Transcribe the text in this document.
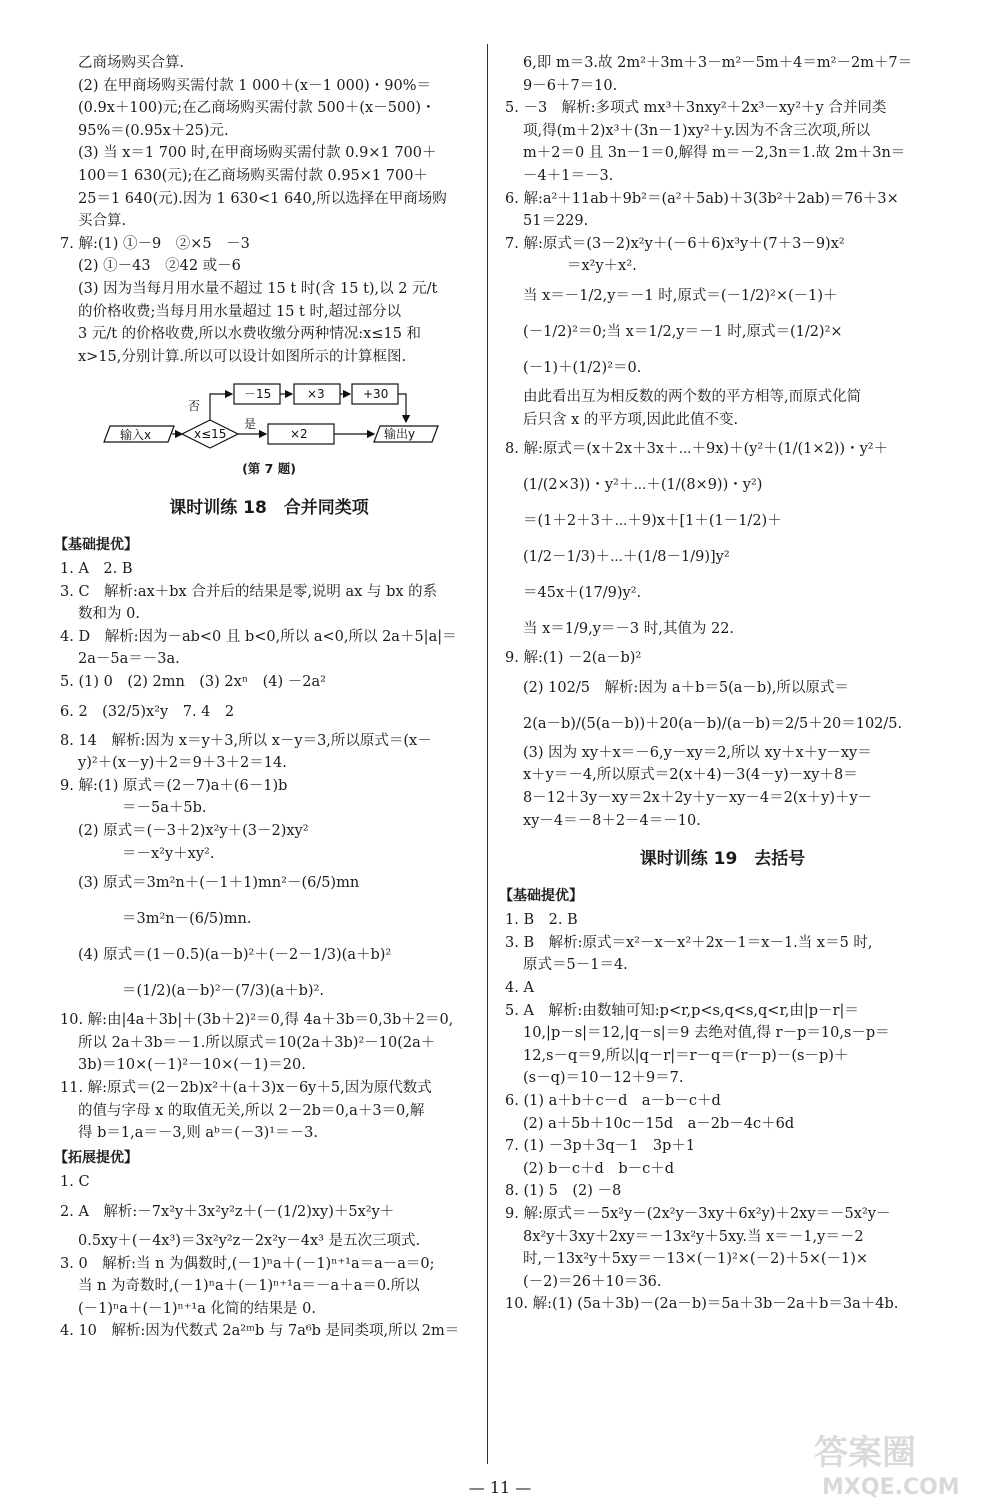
乙商场购买合算.
(2) 在甲商场购买需付款 1 000＋(x－1 000)・90%＝
(0.9x＋100)元;在乙商场购买需付款 500＋(x－500)・
95%＝(0.95x＋25)元.
(3) 当 x＝1 700 时,在甲商场购买需付款 0.9×1 700＋
100＝1 630(元);在乙商场购买需付款 0.95×1 700＋
25＝1 640(元).因为 1 630<1 640,所以选择在甲商场购
买合算.
7. 解:(1) ①－9　②×5　－3
(2) ①－43　②42 或－6
(3) 因为当每月用水量不超过 15 t 时(含 15 t),以 2 元/t
的价格收费;当每月用水量超过 15 t 时,超过部分以
3 元/t 的价格收费,所以水费收缴分两种情况:x≤15 和
x>15,分别计算.所以可以设计如图所示的计算框图.
输入x	x≤15
是
×2
否
－15	×3	+30
输出y
(第 7 题)
课时训练 18　合并同类项
【基础提优】
1. A　2. B
3. C　解析:ax＋bx 合并后的结果是零,说明 ax 与 bx 的系
数和为 0.
4. D　解析:因为－ab<0 且 b<0,所以 a<0,所以 2a＋5|a|＝
2a－5a＝－3a.
5. (1) 0　(2) 2mn　(3) 2xⁿ　(4) －2a²
6. 2　(32/5)x²y　7. 4　2
8. 14　解析:因为 x＝y＋3,所以 x－y＝3,所以原式＝(x－
y)²＋(x－y)＋2＝9＋3＋2＝14.
9. 解:(1) 原式＝(2－7)a＋(6－1)b
＝－5a＋5b.
(2) 原式＝(－3＋2)x²y＋(3－2)xy²
＝－x²y＋xy².
(3) 原式＝3m²n＋(－1＋1)mn²－(6/5)mn
＝3m²n－(6/5)mn.
(4) 原式＝(1－0.5)(a－b)²＋(－2－1/3)(a＋b)²
＝(1/2)(a－b)²－(7/3)(a＋b)².
10. 解:由|4a＋3b|＋(3b＋2)²＝0,得 4a＋3b＝0,3b＋2＝0,
所以 2a＋3b＝－1.所以原式＝10(2a＋3b)²－10(2a＋
3b)＝10×(－1)²－10×(－1)＝20.
11. 解:原式＝(2－2b)x²＋(a＋3)x－6y＋5,因为原代数式
的值与字母 x 的取值无关,所以 2－2b＝0,a＋3＝0,解
得 b＝1,a＝－3,则 aᵇ＝(－3)¹＝－3.
【拓展提优】
1. C
2. A　解析:－7x²y＋3x²y²z＋(－(1/2)xy)＋5x²y＋
0.5xy＋(－4x³)＝3x²y²z－2x²y－4x³ 是五次三项式.
3. 0　解析:当 n 为偶数时,(－1)ⁿa＋(－1)ⁿ⁺¹a＝a－a＝0;
当 n 为奇数时,(－1)ⁿa＋(－1)ⁿ⁺¹a＝－a＋a＝0.所以
(－1)ⁿa＋(－1)ⁿ⁺¹a 化简的结果是 0.
4. 10　解析:因为代数式 2a²ᵐb 与 7a⁶b 是同类项,所以 2m＝
6,即 m＝3.故 2m²＋3m＋3－m²－5m＋4＝m²－2m＋7＝
9－6＋7＝10.
5. －3　解析:多项式 mx³＋3nxy²＋2x³－xy²＋y 合并同类
项,得(m＋2)x³＋(3n－1)xy²＋y.因为不含三次项,所以
m＋2＝0 且 3n－1＝0,解得 m＝－2,3n＝1.故 2m＋3n＝
－4＋1＝－3.
6. 解:a²＋11ab＋9b²＝(a²＋5ab)＋3(3b²＋2ab)＝76＋3×
51＝229.
7. 解:原式＝(3－2)x²y＋(－6＋6)x³y＋(7＋3－9)x²
＝x²y＋x².
当 x＝－1/2,y＝－1 时,原式＝(－1/2)²×(－1)＋
(－1/2)²＝0;当 x＝1/2,y＝－1 时,原式＝(1/2)²×
(－1)＋(1/2)²＝0.
由此看出互为相反数的两个数的平方相等,而原式化简
后只含 x 的平方项,因此此值不变.
8. 解:原式＝(x＋2x＋3x＋⋯＋9x)＋(y²＋(1/(1×2))・y²＋
(1/(2×3))・y²＋⋯＋(1/(8×9))・y²)
＝(1＋2＋3＋⋯＋9)x＋[1＋(1－1/2)＋
(1/2－1/3)＋⋯＋(1/8－1/9)]y²
＝45x＋(17/9)y².
当 x＝1/9,y＝－3 时,其值为 22.
9. 解:(1) －2(a－b)²
(2) 102/5　解析:因为 a＋b＝5(a－b),所以原式＝
2(a－b)/(5(a－b))＋20(a－b)/(a－b)＝2/5＋20＝102/5.
(3) 因为 xy＋x＝－6,y－xy＝2,所以 xy＋x＋y－xy＝
x＋y＝－4,所以原式＝2(x＋4)－3(4－y)－xy＋8＝
8－12＋3y－xy＝2x＋2y＋y－xy－4＝2(x＋y)＋y－
xy－4＝－8＋2－4＝－10.
课时训练 19　去括号
【基础提优】
1. B　2. B
3. B　解析:原式＝x²－x－x²＋2x－1＝x－1.当 x＝5 时,
原式＝5－1＝4.
4. A
5. A　解析:由数轴可知:p<r,p<s,q<s,q<r,由|p－r|＝
10,|p－s|＝12,|q－s|＝9 去绝对值,得 r－p＝10,s－p＝
12,s－q＝9,所以|q－r|＝r－q＝(r－p)－(s－p)＋
(s－q)＝10－12＋9＝7.
6. (1) a＋b＋c－d　a－b－c＋d
(2) a＋5b＋10c－15d　a－2b－4c＋6d
7. (1) －3p＋3q－1　3p＋1
(2) b－c＋d　b－c＋d
8. (1) 5　(2) －8
9. 解:原式＝－5x²y－(2x²y－3xy＋6x²y)＋2xy＝－5x²y－
8x²y＋3xy＋2xy＝－13x²y＋5xy.当 x＝－1,y＝－2
时,－13x²y＋5xy＝－13×(－1)²×(－2)＋5×(－1)×
(－2)＝26＋10＝36.
10. 解:(1) (5a＋3b)－(2a－b)＝5a＋3b－2a＋b＝3a＋4b.
— 11 —
答案圈
MXQE.COM
